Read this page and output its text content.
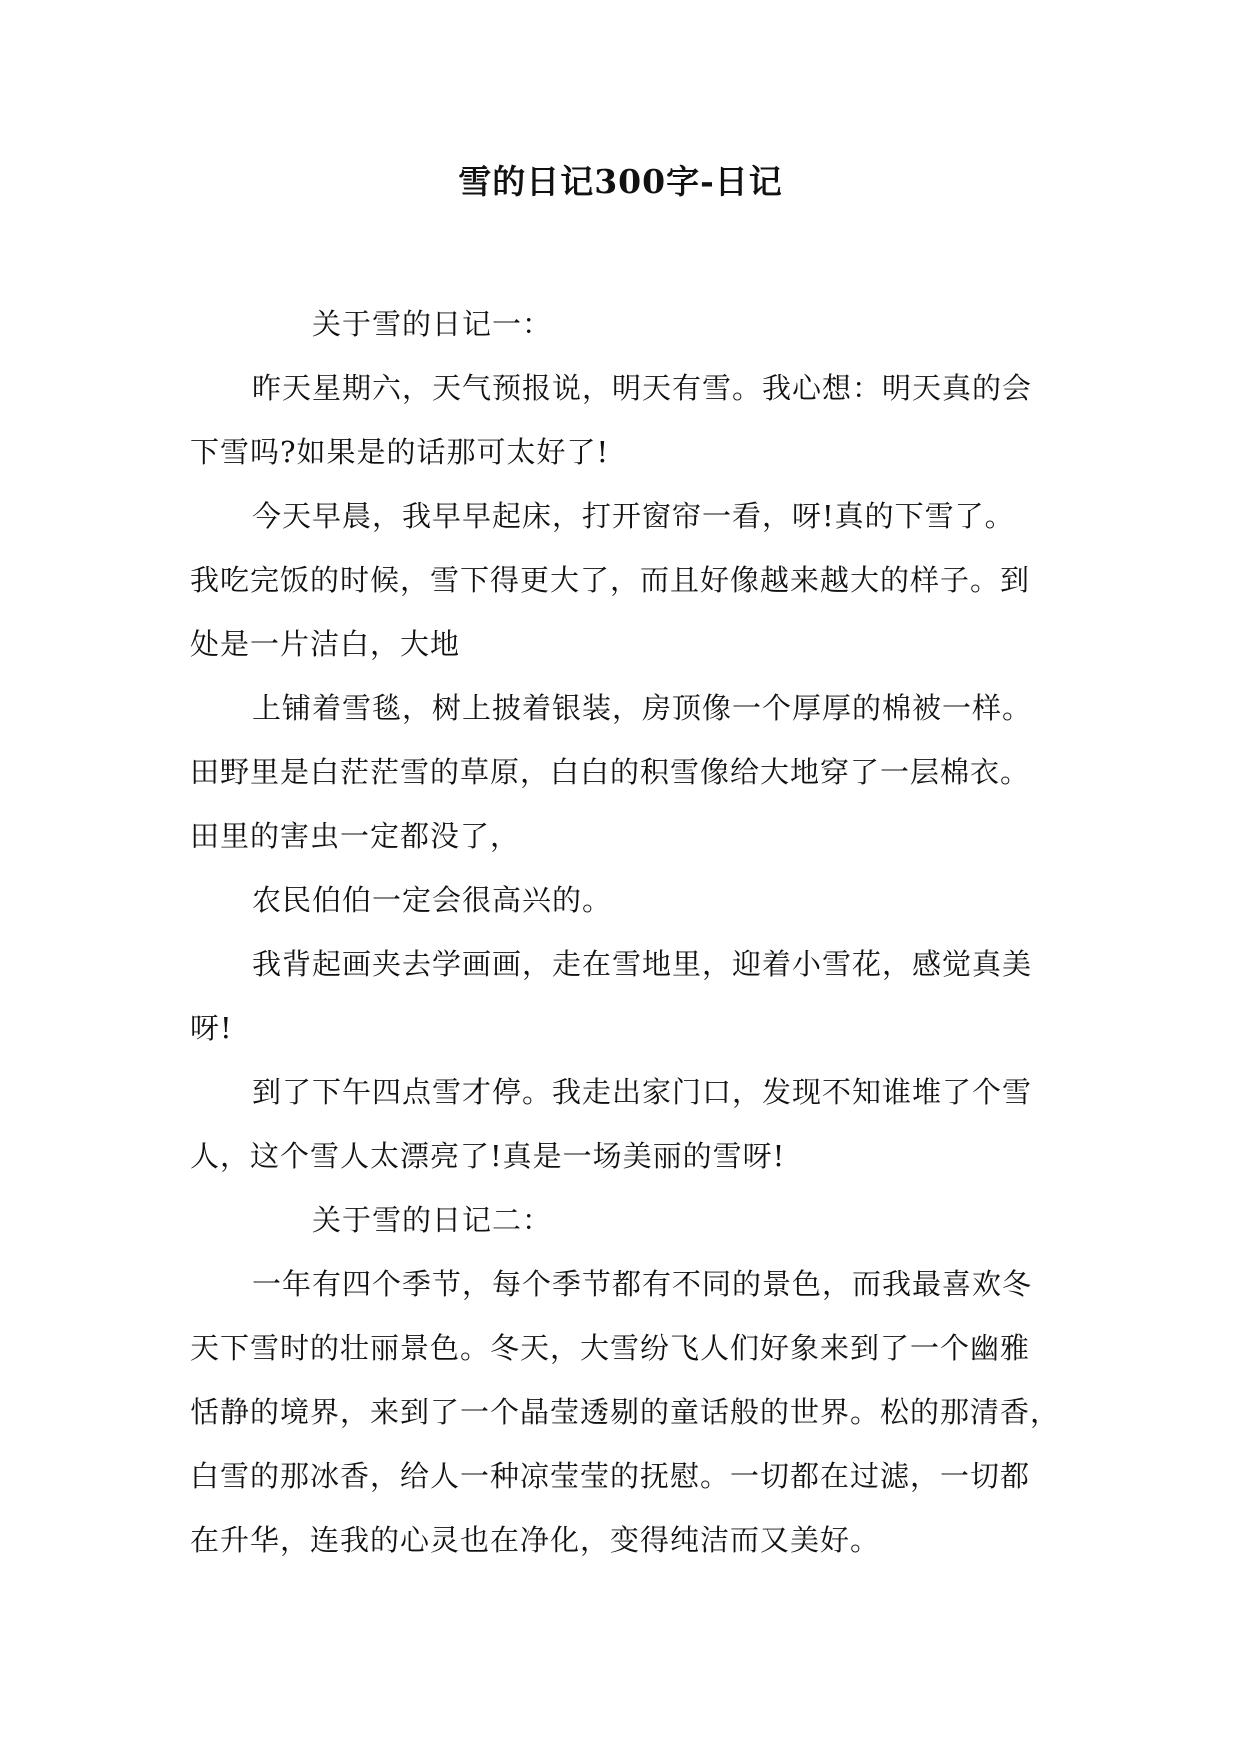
雪的日记300字-日记
关于雪的日记一：
昨天星期六，天气预报说，明天有雪。我心想：明天真的会
下雪吗?如果是的话那可太好了!
今天早晨，我早早起床，打开窗帘一看，呀!真的下雪了。
我吃完饭的时候，雪下得更大了，而且好像越来越大的样子。到
处是一片洁白，大地
上铺着雪毯，树上披着银装，房顶像一个厚厚的棉被一样。
田野里是白茫茫雪的草原，白白的积雪像给大地穿了一层棉衣。
田里的害虫一定都没了，
农民伯伯一定会很高兴的。
我背起画夹去学画画，走在雪地里，迎着小雪花，感觉真美
呀!
到了下午四点雪才停。我走出家门口，发现不知谁堆了个雪
人，这个雪人太漂亮了!真是一场美丽的雪呀!
关于雪的日记二：
一年有四个季节，每个季节都有不同的景色，而我最喜欢冬
天下雪时的壮丽景色。冬天，大雪纷飞人们好象来到了一个幽雅
恬静的境界，来到了一个晶莹透剔的童话般的世界。松的那清香，
白雪的那冰香，给人一种凉莹莹的抚慰。一切都在过滤，一切都
在升华，连我的心灵也在净化，变得纯洁而又美好。
